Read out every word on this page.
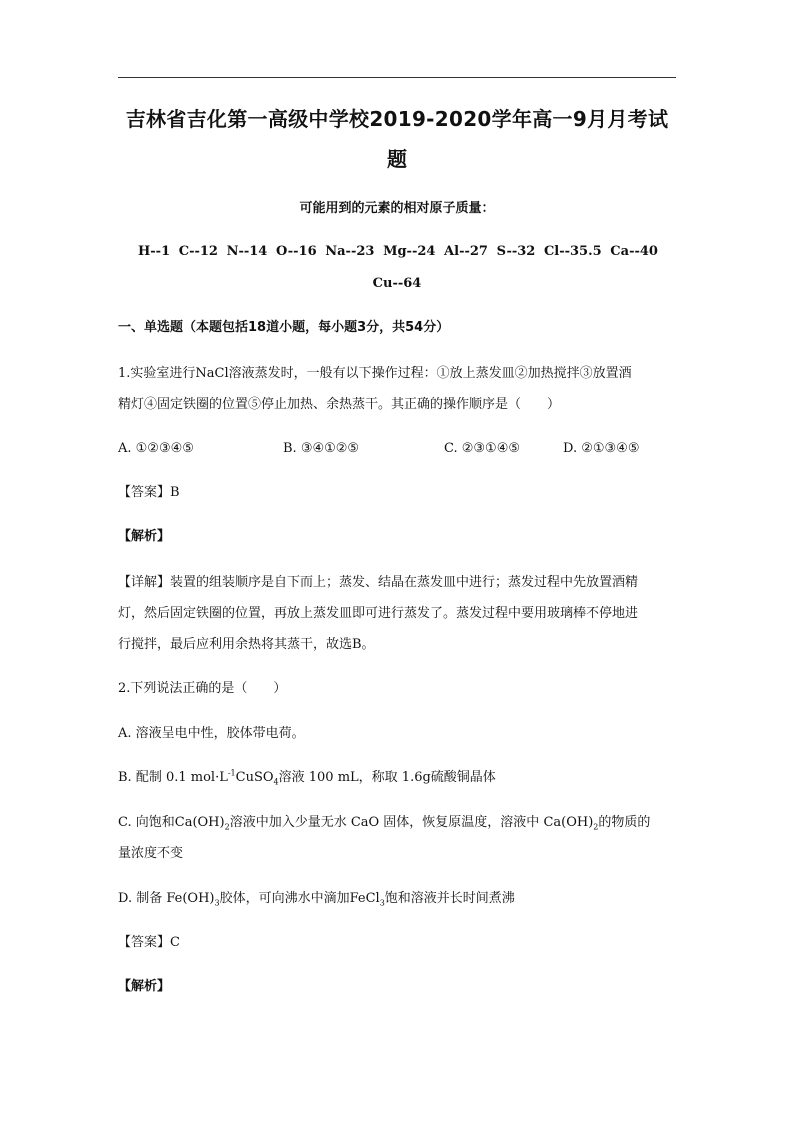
吉林省吉化第一高级中学校2019-2020学年高一9月月考试
题
可能用到的元素的相对原子质量：
H--1 C--12 N--14 O--16 Na--23 Mg--24 Al--27 S--32 Cl--35.5 Ca--40
Cu--64
一、单选题（本题包括18道小题，每小题3分，共54分）
1.实验室进行NaCl溶液蒸发时，一般有以下操作过程：①放上蒸发皿②加热搅拌③放置酒
精灯④固定铁圈的位置⑤停止加热、余热蒸干。其正确的操作顺序是（　　）
A. ①②③④⑤	B. ③④①②⑤	C. ②③①④⑤	D. ②①③④⑤
【答案】B
【解析】
【详解】装置的组装顺序是自下而上；蒸发、结晶在蒸发皿中进行；蒸发过程中先放置酒精
灯，然后固定铁圈的位置，再放上蒸发皿即可进行蒸发了。蒸发过程中要用玻璃棒不停地进
行搅拌，最后应利用余热将其蒸干，故选B。
2.下列说法正确的是（　　）
A. 溶液呈电中性，胶体带电荷。
B. 配制 0.1 $mol\cdot L^{-1}CuSO_4$溶液 100 mL，称取 1.6g硫酸铜晶体
C. 向饱和$Ca(OH)_2$溶液中加入少量无水 CaO 固体，恢复原温度，溶液中 $Ca(OH)_2$的物质的
量浓度不变
D. 制备 $Fe(OH)_3$胶体，可向沸水中滴加FeCl$_3$饱和溶液并长时间煮沸
【答案】C
【解析】
